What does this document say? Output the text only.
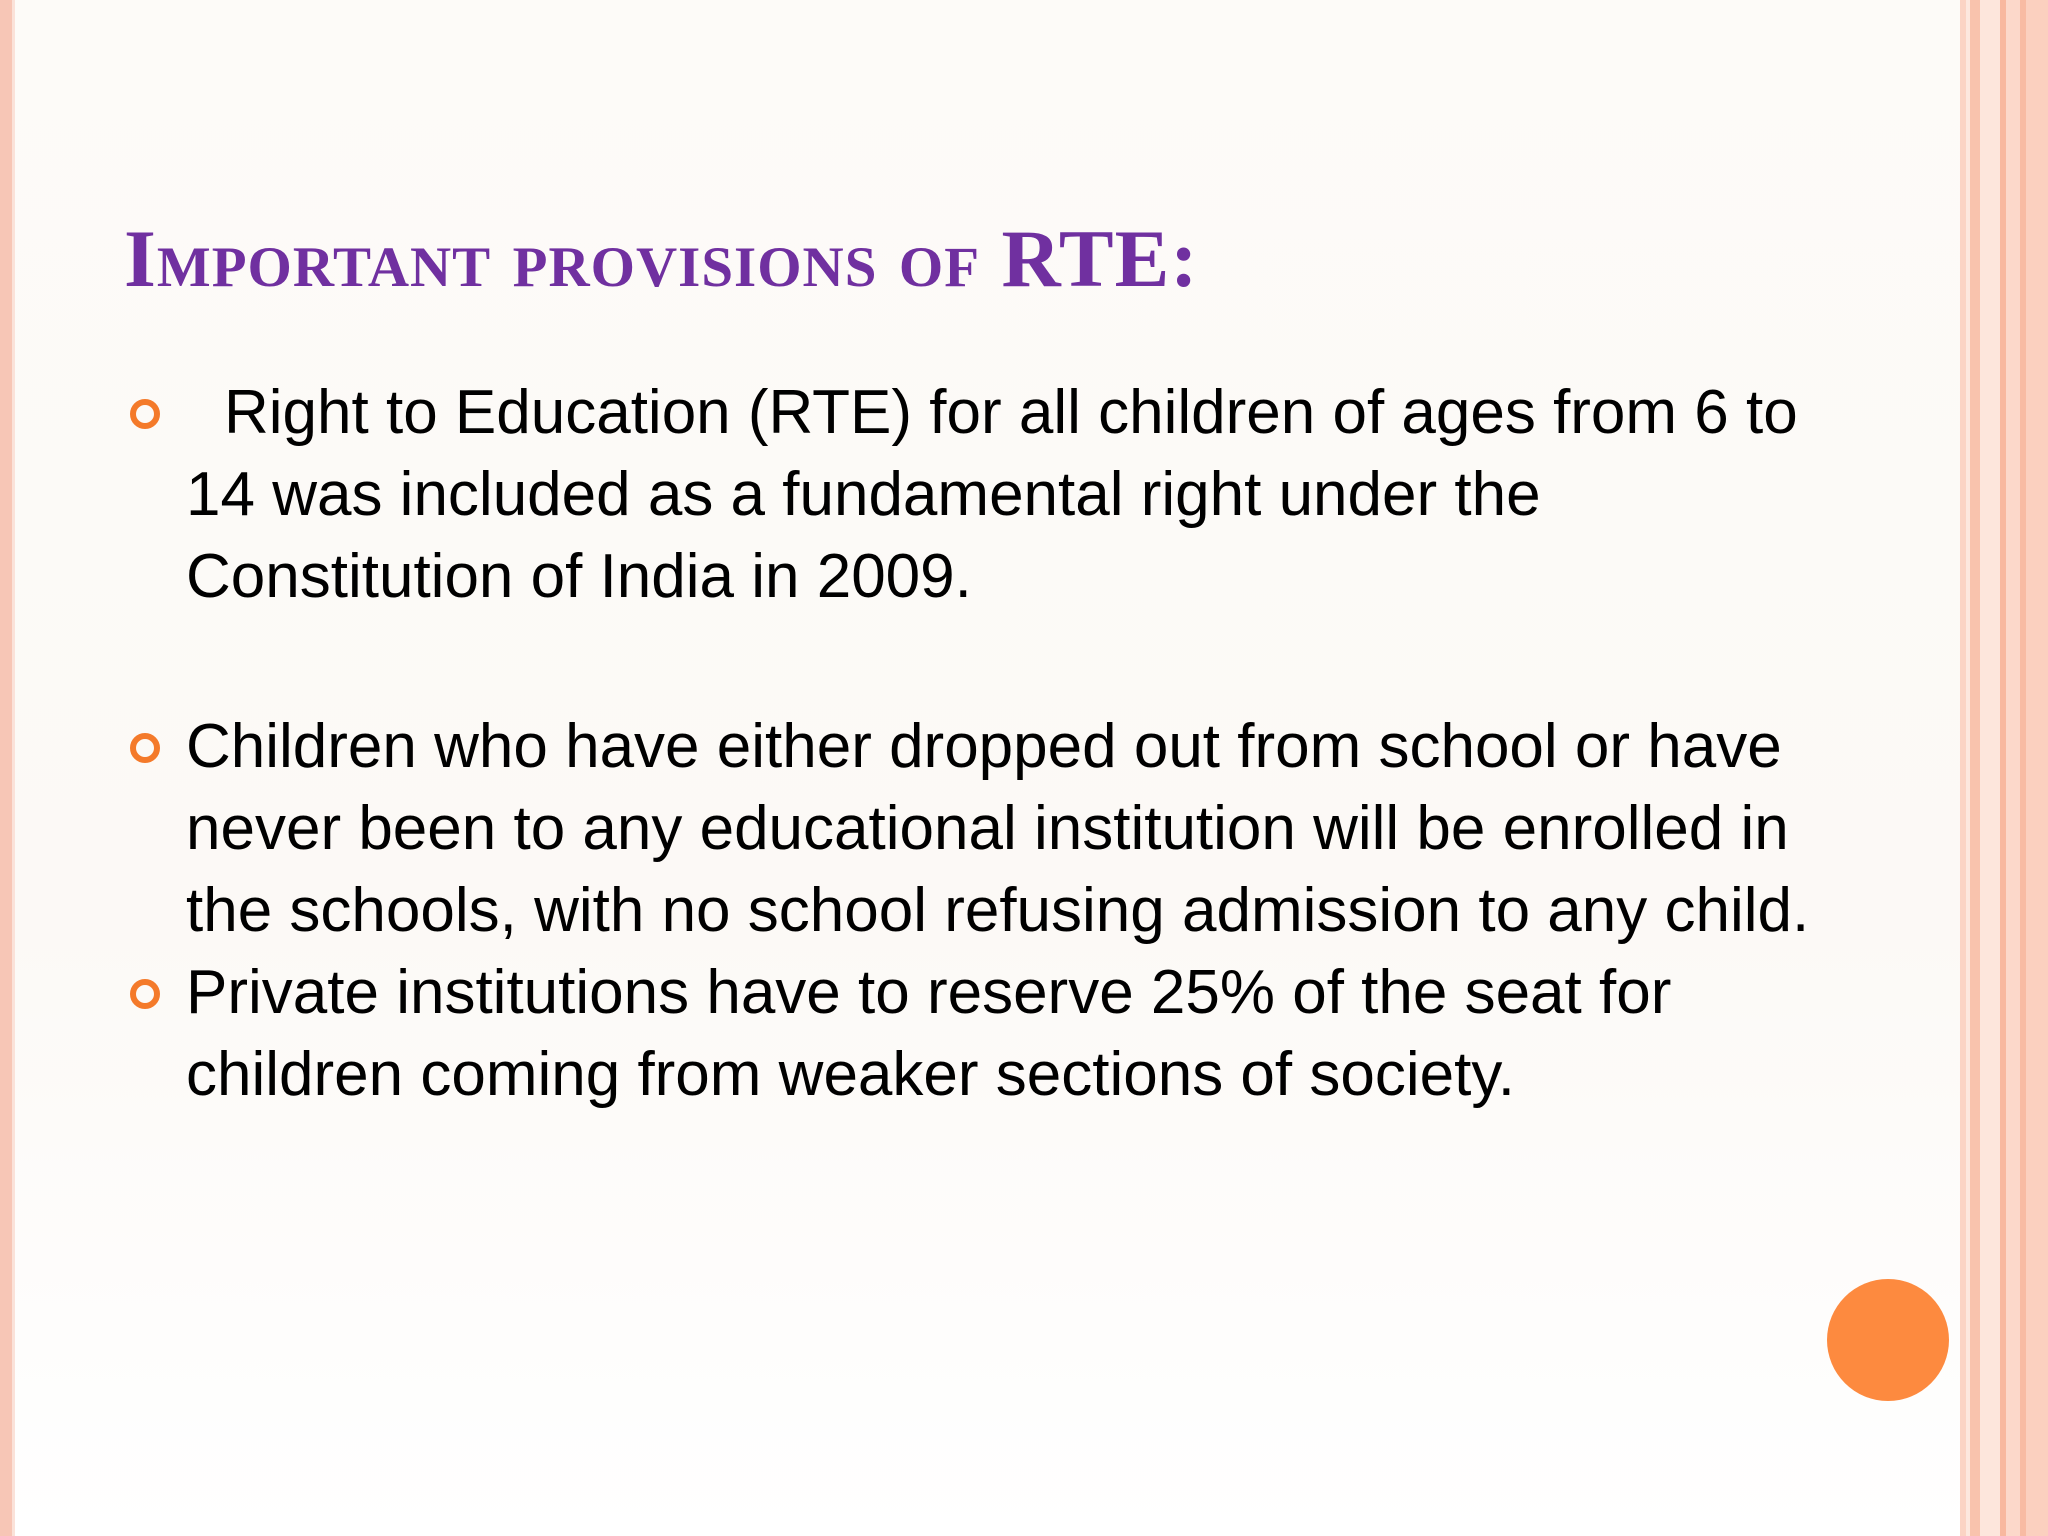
Important provisions of RTE:
Right to Education (RTE) for all children of ages from 6 to 14 was included as a fundamental right under the Constitution of India in 2009.
Children who have either dropped out from school or have never been to any educational institution will be enrolled in the schools, with no school refusing admission to any child.
Private institutions have to reserve 25% of the seat for children coming from weaker sections of society.
